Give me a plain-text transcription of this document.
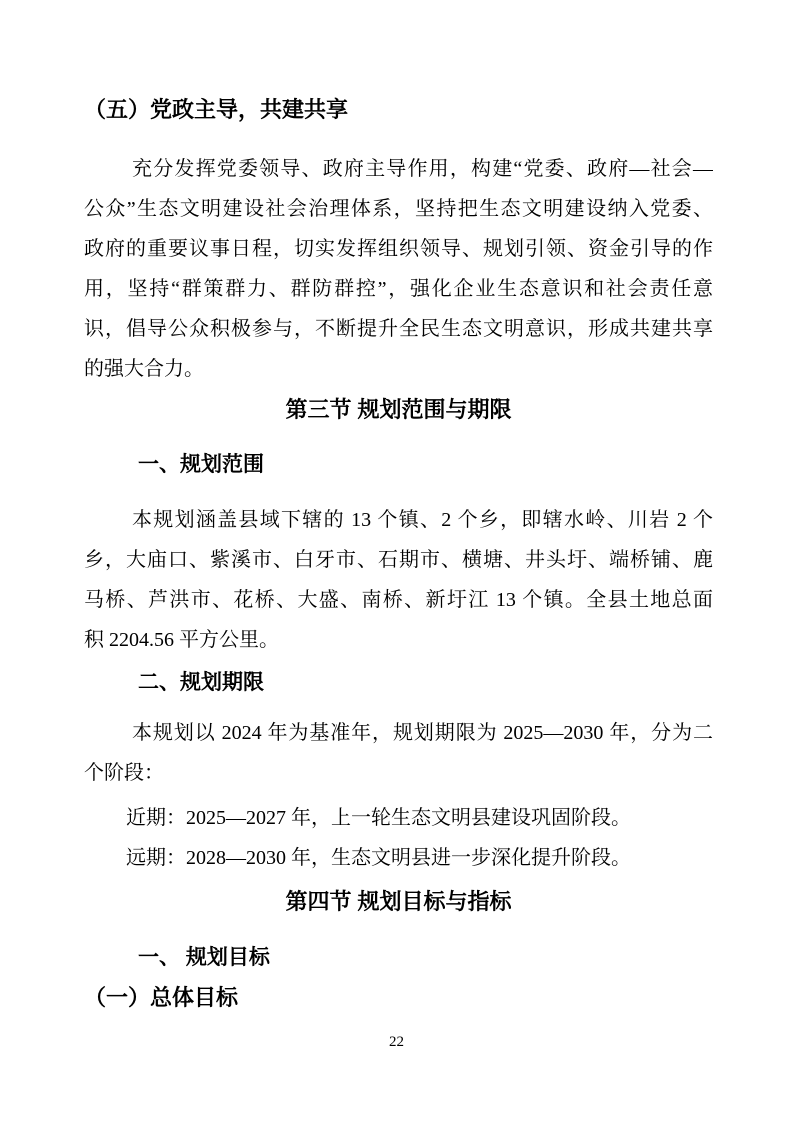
（五）党政主导，共建共享

充分发挥党委领导、政府主导作用，构建“党委、政府—社会—

公众”生态文明建设社会治理体系，坚持把生态文明建设纳入党委、

政府的重要议事日程，切实发挥组织领导、规划引领、资金引导的作

用，坚持“群策群力、群防群控”，强化企业生态意识和社会责任意

识，倡导公众积极参与，不断提升全民生态文明意识，形成共建共享

的强大合力。

第三节 规划范围与期限
一、规划范围

本规划涵盖县域下辖的 13 个镇、2 个乡，即辖水岭、川岩 2 个

乡，大庙口、紫溪市、白牙市、石期市、横塘、井头圩、端桥铺、鹿

马桥、芦洪市、花桥、大盛、南桥、新圩江 13 个镇。全县土地总面

积 2204.56 平方公里。

二、规划期限

本规划以 2024 年为基准年，规划期限为 2025—2030 年，分为二

个阶段：

近期：2025—2027 年，上一轮生态文明县建设巩固阶段。

远期：2028—2030 年，生态文明县进一步深化提升阶段。

第四节 规划目标与指标
一、 规划目标
（一）总体目标
22
